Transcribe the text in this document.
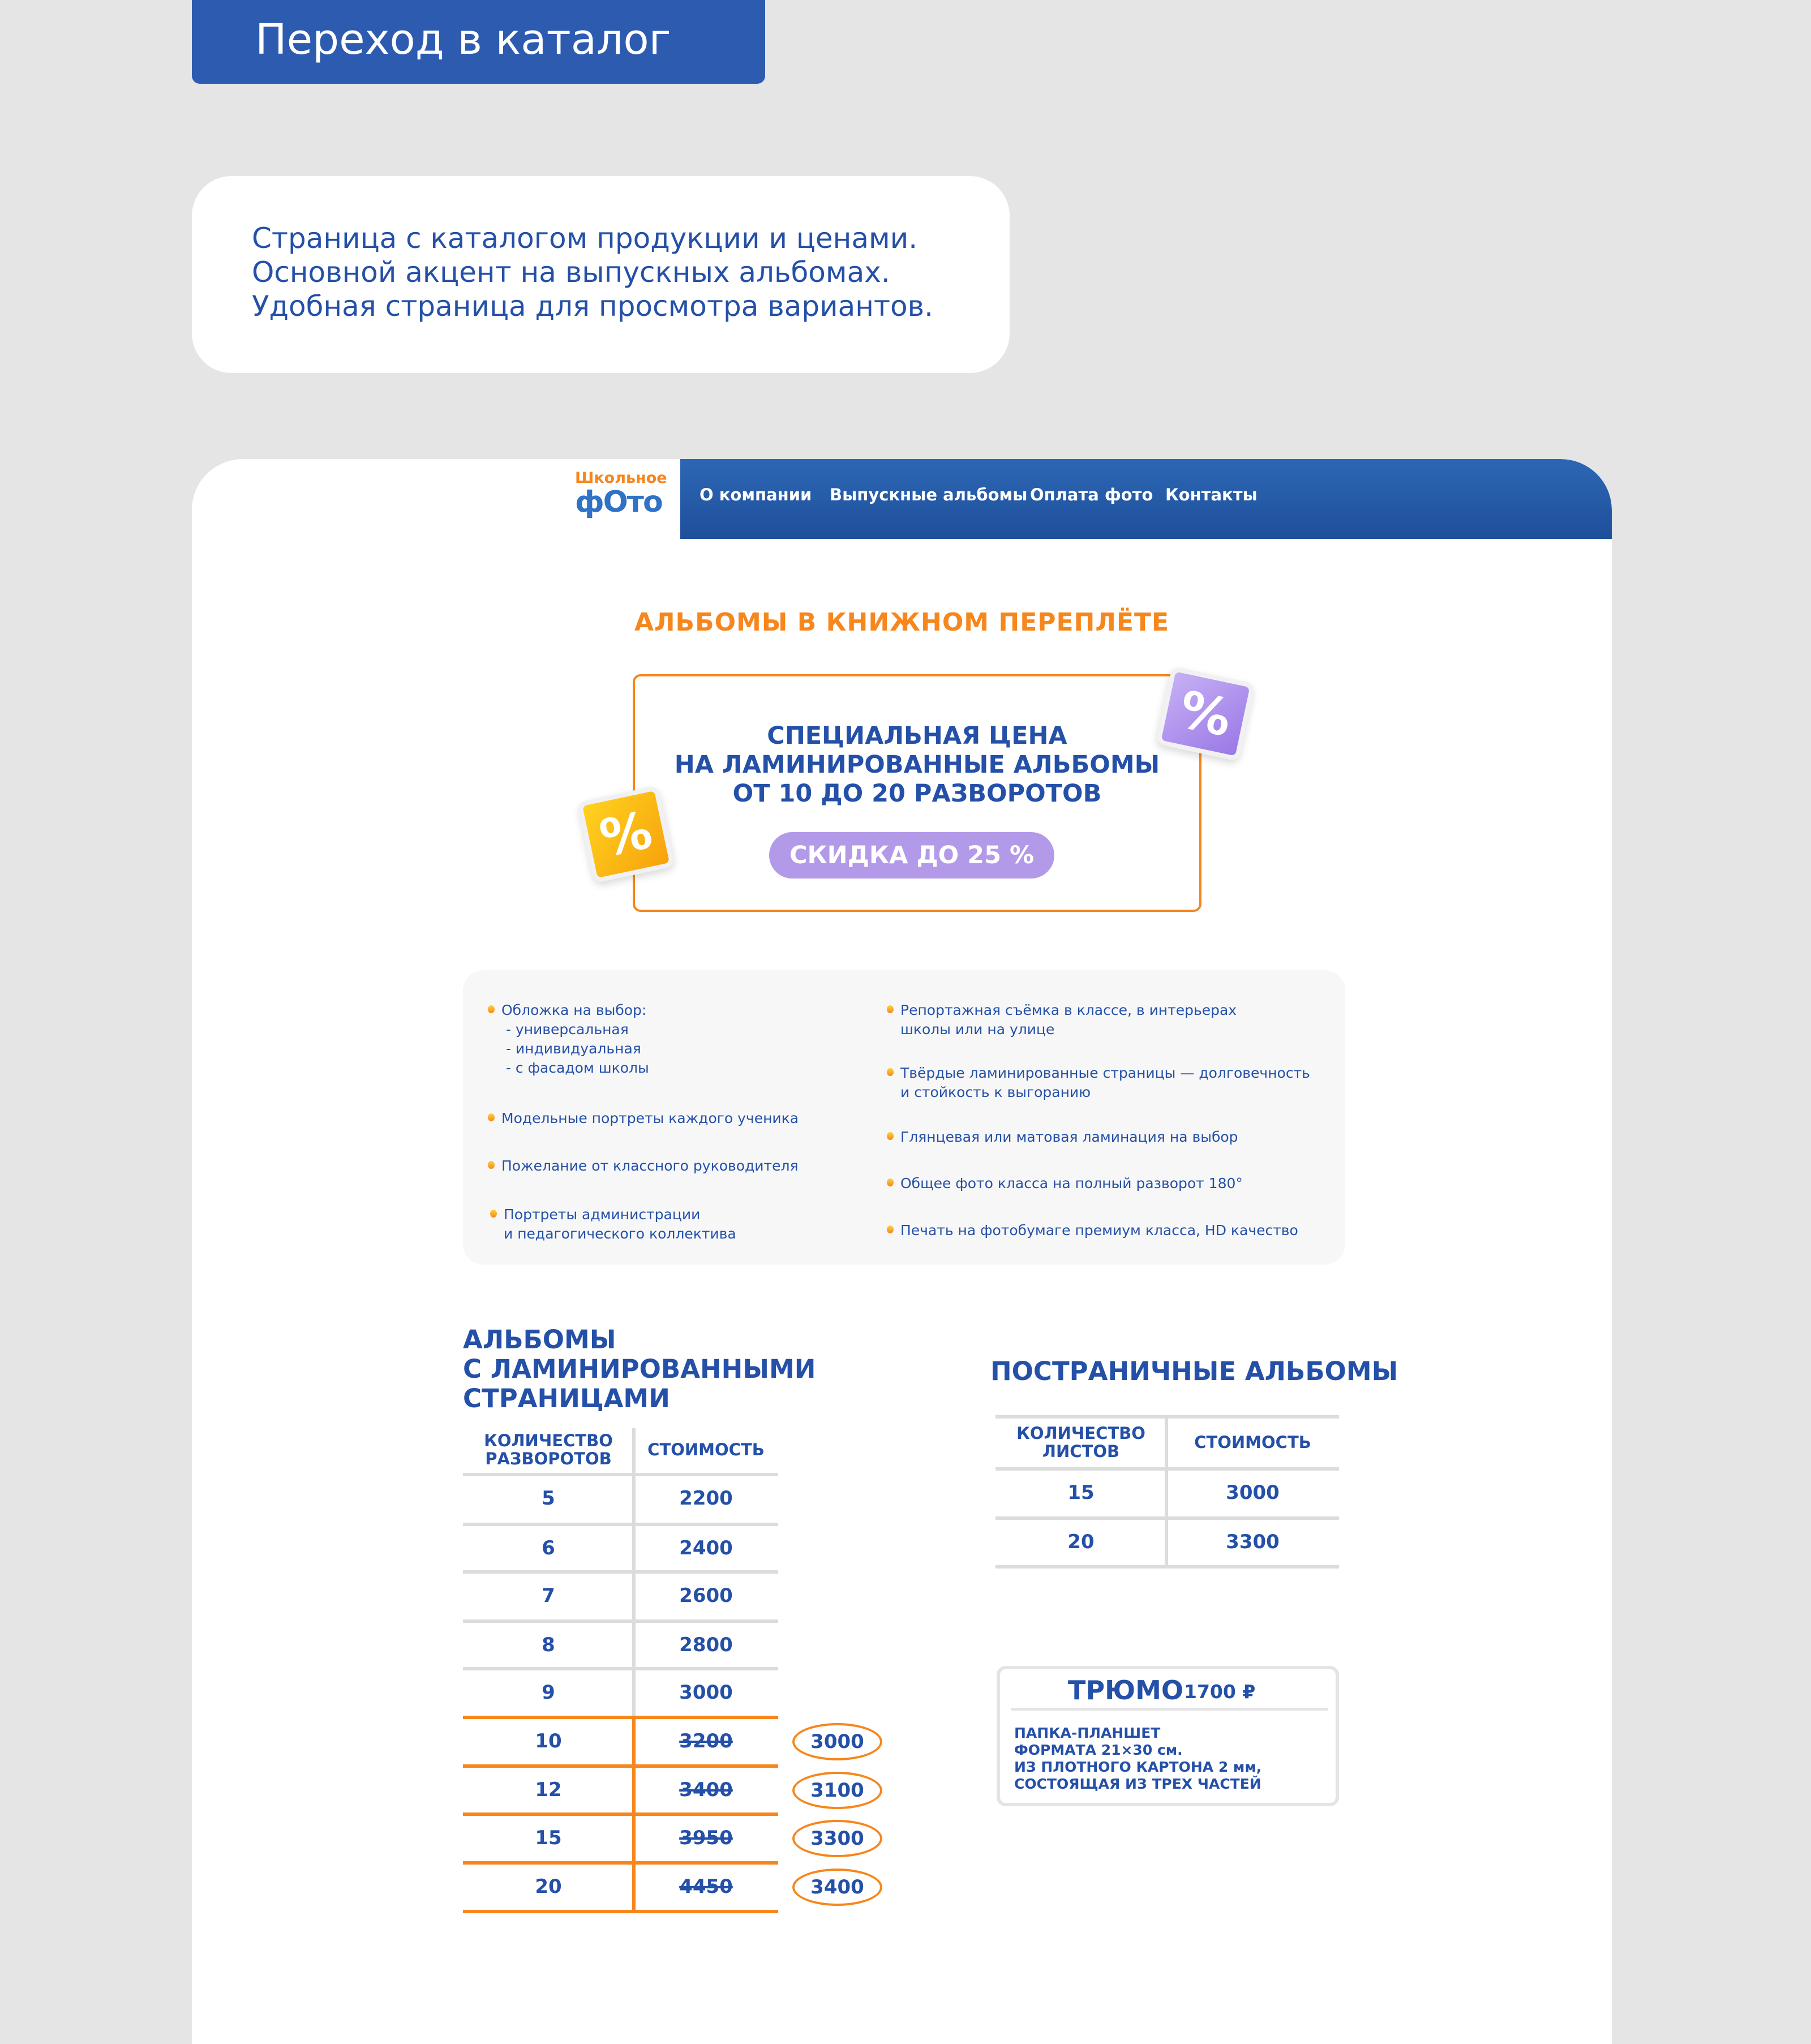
Переход в каталог
Страница с каталогом продукции и ценами.
Основной акцент на выпускных альбомах.
Удобная страница для просмотра вариантов.
Школьное
фОто О компании Выпускные альбомы Оплата фото Контакты
АЛЬБОМЫ В КНИЖНОМ ПЕРЕПЛЁТЕ
СПЕЦИАЛЬНАЯ ЦЕНА
НА ЛАМИНИРОВАННЫЕ АЛЬБОМЫ
ОТ 10 ДО 20 РАЗВОРОТОВ
СКИДКА ДО 25 %
%
%
Обложка на выбор:
- универсальная
- индивидуальная
- с фасадом школы
Модельные портреты каждого ученика
Пожелание от классного руководителя
Портреты администрации
и педагогического коллектива
Репортажная съёмка в классе, в интерьерах
школы или на улице
Твёрдые ламинированные страницы — долговечность
и стойкость к выгоранию
Глянцевая или матовая ламинация на выбор
Общее фото класса на полный разворот 180°
Печать на фотобумаге премиум класса, HD качество
АЛЬБОМЫ
С ЛАМИНИРОВАННЫМИ
СТРАНИЦАМИ
КОЛИЧЕСТВО
РАЗВОРОТОВ	СТОИМОСТЬ
5	2200
6	2400
7	2600
8	2800
9	3000
10	3200	3000
12	3400	3100
15	3950	3300
20	4450	3400
ПОСТРАНИЧНЫЕ АЛЬБОМЫ
КОЛИЧЕСТВО
ЛИСТОВ	СТОИМОСТЬ
15	3000
20	3300
ТРЮМО 1700 ₽
ПАПКА-ПЛАНШЕТ
ФОРМАТА 21×30 см.
ИЗ ПЛОТНОГО КАРТОНА 2 мм,
СОСТОЯЩАЯ ИЗ ТРЕХ ЧАСТЕЙ
